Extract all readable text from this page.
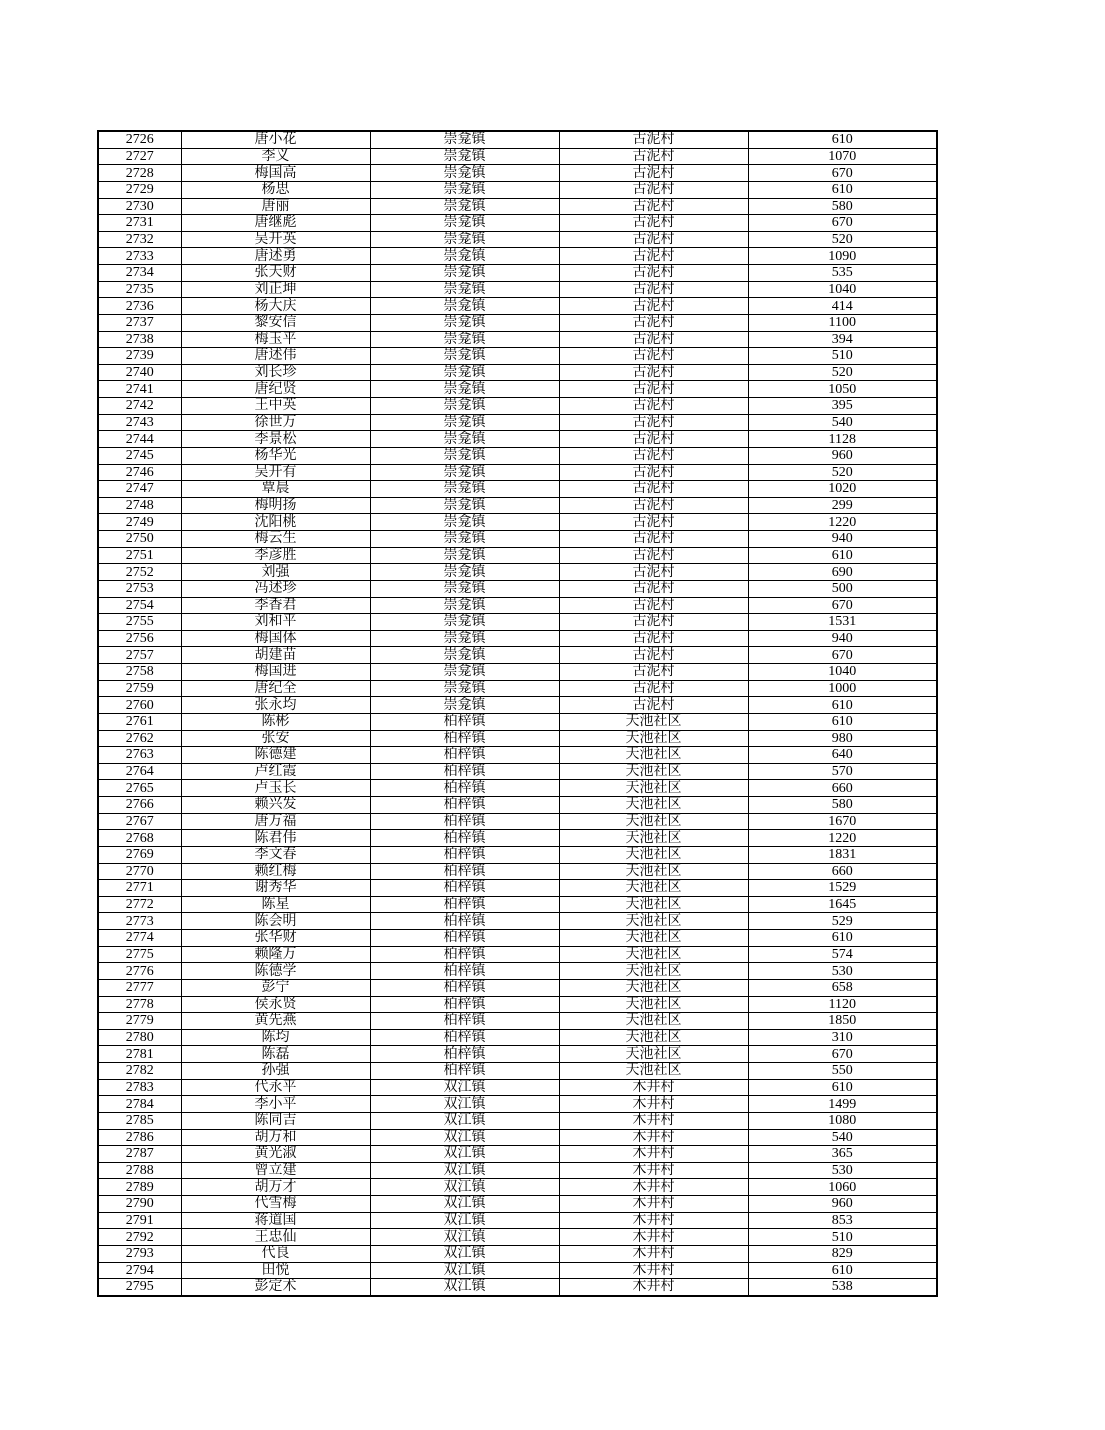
2726	唐小花	崇龛镇	古泥村	610
2727	李义	崇龛镇	古泥村	1070
2728	梅国高	崇龛镇	古泥村	670
2729	杨思	崇龛镇	古泥村	610
2730	唐丽	崇龛镇	古泥村	580
2731	唐继彪	崇龛镇	古泥村	670
2732	吴开英	崇龛镇	古泥村	520
2733	唐述勇	崇龛镇	古泥村	1090
2734	张天财	崇龛镇	古泥村	535
2735	刘正坤	崇龛镇	古泥村	1040
2736	杨大庆	崇龛镇	古泥村	414
2737	黎安信	崇龛镇	古泥村	1100
2738	梅玉平	崇龛镇	古泥村	394
2739	唐述伟	崇龛镇	古泥村	510
2740	刘长珍	崇龛镇	古泥村	520
2741	唐纪贤	崇龛镇	古泥村	1050
2742	王中英	崇龛镇	古泥村	395
2743	徐世万	崇龛镇	古泥村	540
2744	李景松	崇龛镇	古泥村	1128
2745	杨华光	崇龛镇	古泥村	960
2746	吴开有	崇龛镇	古泥村	520
2747	覃晨	崇龛镇	古泥村	1020
2748	梅明扬	崇龛镇	古泥村	299
2749	沈阳桃	崇龛镇	古泥村	1220
2750	梅云生	崇龛镇	古泥村	940
2751	李彦胜	崇龛镇	古泥村	610
2752	刘强	崇龛镇	古泥村	690
2753	冯述珍	崇龛镇	古泥村	500
2754	李香君	崇龛镇	古泥村	670
2755	刘和平	崇龛镇	古泥村	1531
2756	梅国体	崇龛镇	古泥村	940
2757	胡建苗	崇龛镇	古泥村	670
2758	梅国进	崇龛镇	古泥村	1040
2759	唐纪全	崇龛镇	古泥村	1000
2760	张永均	崇龛镇	古泥村	610
2761	陈彬	柏梓镇	天池社区	610
2762	张安	柏梓镇	天池社区	980
2763	陈德建	柏梓镇	天池社区	640
2764	卢红霞	柏梓镇	天池社区	570
2765	卢玉长	柏梓镇	天池社区	660
2766	赖兴发	柏梓镇	天池社区	580
2767	唐万福	柏梓镇	天池社区	1670
2768	陈君伟	柏梓镇	天池社区	1220
2769	李文春	柏梓镇	天池社区	1831
2770	赖红梅	柏梓镇	天池社区	660
2771	谢秀华	柏梓镇	天池社区	1529
2772	陈星	柏梓镇	天池社区	1645
2773	陈会明	柏梓镇	天池社区	529
2774	张华财	柏梓镇	天池社区	610
2775	赖隆万	柏梓镇	天池社区	574
2776	陈德学	柏梓镇	天池社区	530
2777	彭宁	柏梓镇	天池社区	658
2778	侯永贤	柏梓镇	天池社区	1120
2779	黄先燕	柏梓镇	天池社区	1850
2780	陈均	柏梓镇	天池社区	310
2781	陈磊	柏梓镇	天池社区	670
2782	孙强	柏梓镇	天池社区	550
2783	代永平	双江镇	木井村	610
2784	李小平	双江镇	木井村	1499
2785	陈同吉	双江镇	木井村	1080
2786	胡万和	双江镇	木井村	540
2787	黄光淑	双江镇	木井村	365
2788	曾立建	双江镇	木井村	530
2789	胡万才	双江镇	木井村	1060
2790	代雪梅	双江镇	木井村	960
2791	蒋道国	双江镇	木井村	853
2792	王忠仙	双江镇	木井村	510
2793	代良	双江镇	木井村	829
2794	田悦	双江镇	木井村	610
2795	彭定术	双江镇	木井村	538
